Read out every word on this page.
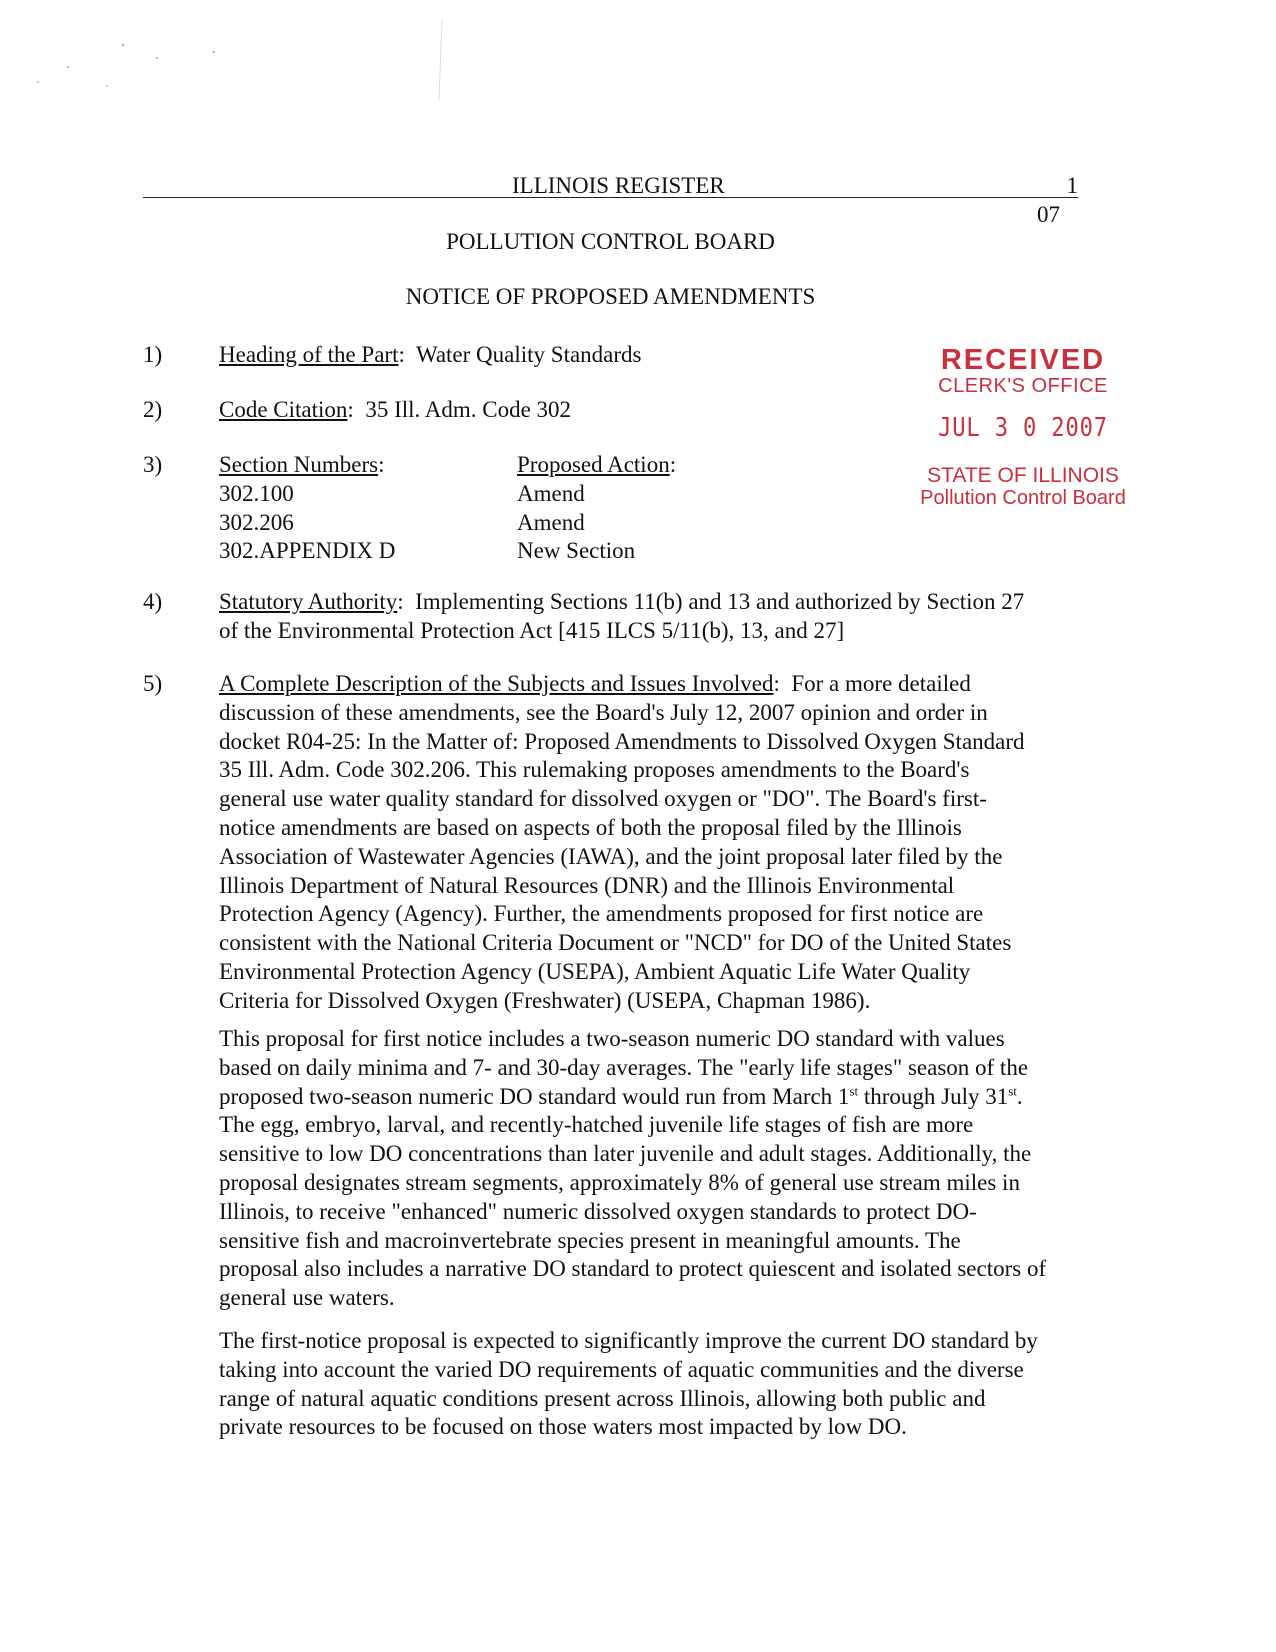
ILLINOIS REGISTER	1
07
POLLUTION CONTROL BOARD
NOTICE OF PROPOSED AMENDMENTS
1) Heading of the Part:  Water Quality Standards
2) Code Citation:  35 Ill. Adm. Code 302
3) Section Numbers:
302.100
302.206
302.APPENDIX D
Proposed Action:
Amend
Amend
New Section
4) Statutory Authority:  Implementing Sections 11(b) and 13 and authorized by Section 27
of the Environmental Protection Act [415 ILCS 5/11(b), 13, and 27]
5) A Complete Description of the Subjects and Issues Involved:  For a more detailed
discussion of these amendments, see the Board's July 12, 2007 opinion and order in
docket R04-25: In the Matter of: Proposed Amendments to Dissolved Oxygen Standard
35 Ill. Adm. Code 302.206. This rulemaking proposes amendments to the Board's
general use water quality standard for dissolved oxygen or "DO". The Board's first-
notice amendments are based on aspects of both the proposal filed by the Illinois
Association of Wastewater Agencies (IAWA), and the joint proposal later filed by the
Illinois Department of Natural Resources (DNR) and the Illinois Environmental
Protection Agency (Agency). Further, the amendments proposed for first notice are
consistent with the National Criteria Document or "NCD" for DO of the United States
Environmental Protection Agency (USEPA), Ambient Aquatic Life Water Quality
Criteria for Dissolved Oxygen (Freshwater) (USEPA, Chapman 1986).
This proposal for first notice includes a two-season numeric DO standard with values
based on daily minima and 7- and 30-day averages. The "early life stages" season of the
proposed two-season numeric DO standard would run from March 1st through July 31st.
The egg, embryo, larval, and recently-hatched juvenile life stages of fish are more
sensitive to low DO concentrations than later juvenile and adult stages. Additionally, the
proposal designates stream segments, approximately 8% of general use stream miles in
Illinois, to receive "enhanced" numeric dissolved oxygen standards to protect DO-
sensitive fish and macroinvertebrate species present in meaningful amounts. The
proposal also includes a narrative DO standard to protect quiescent and isolated sectors of
general use waters.
The first-notice proposal is expected to significantly improve the current DO standard by
taking into account the varied DO requirements of aquatic communities and the diverse
range of natural aquatic conditions present across Illinois, allowing both public and
private resources to be focused on those waters most impacted by low DO.
RECEIVED
CLERK'S OFFICE
JUL 3 0 2007
STATE OF ILLINOIS
Pollution Control Board
